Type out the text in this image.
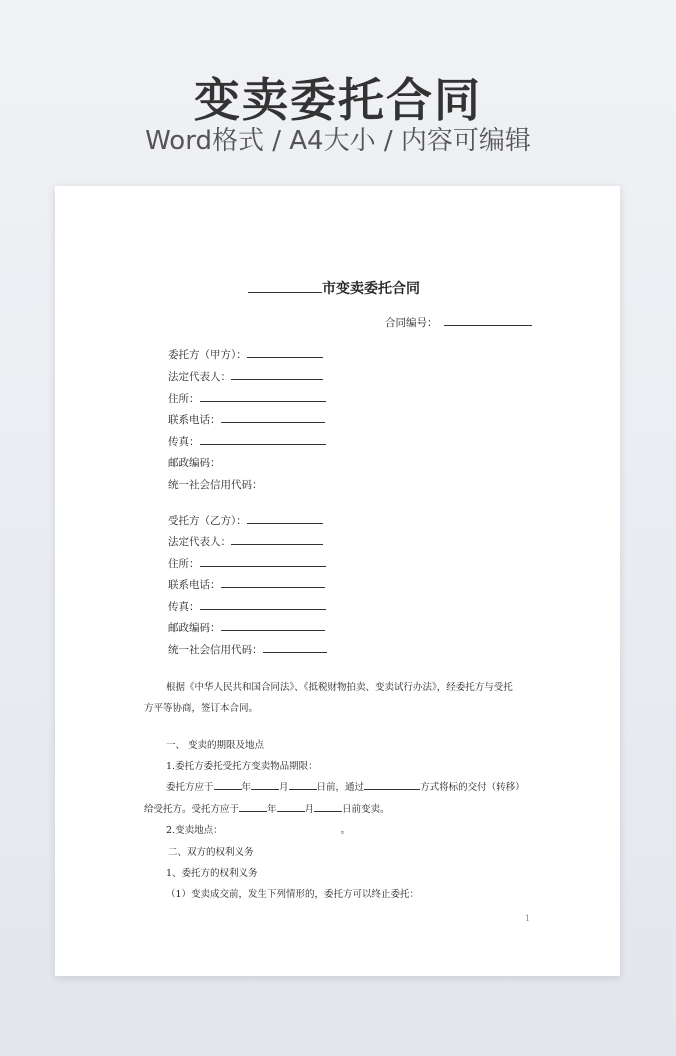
变卖委托合同
Word格式 / A4大小 / 内容可编辑
市变卖委托合同
合同编号：
委托方（甲方）：
法定代表人：
住所：
联系电话：
传真：
邮政编码：
统一社会信用代码：
受托方（乙方）：
法定代表人：
住所：
联系电话：
传真：
邮政编码：
统一社会信用代码：
根据《中华人民共和国合同法》、《抵税财物拍卖、变卖试行办法》，经委托方与受托
方平等协商，签订本合同。
一、 变卖的期限及地点
1.委托方委托受托方变卖物品期限：
委托方应于	年	月	日前，通过	方式将标的交付（转移）
给受托方。受托方应于	年	月	日前变卖。
2.变卖地点：	。
二、双方的权利义务
1、委托方的权利义务
（1）变卖成交前，发生下列情形的，委托方可以终止委托：
1
